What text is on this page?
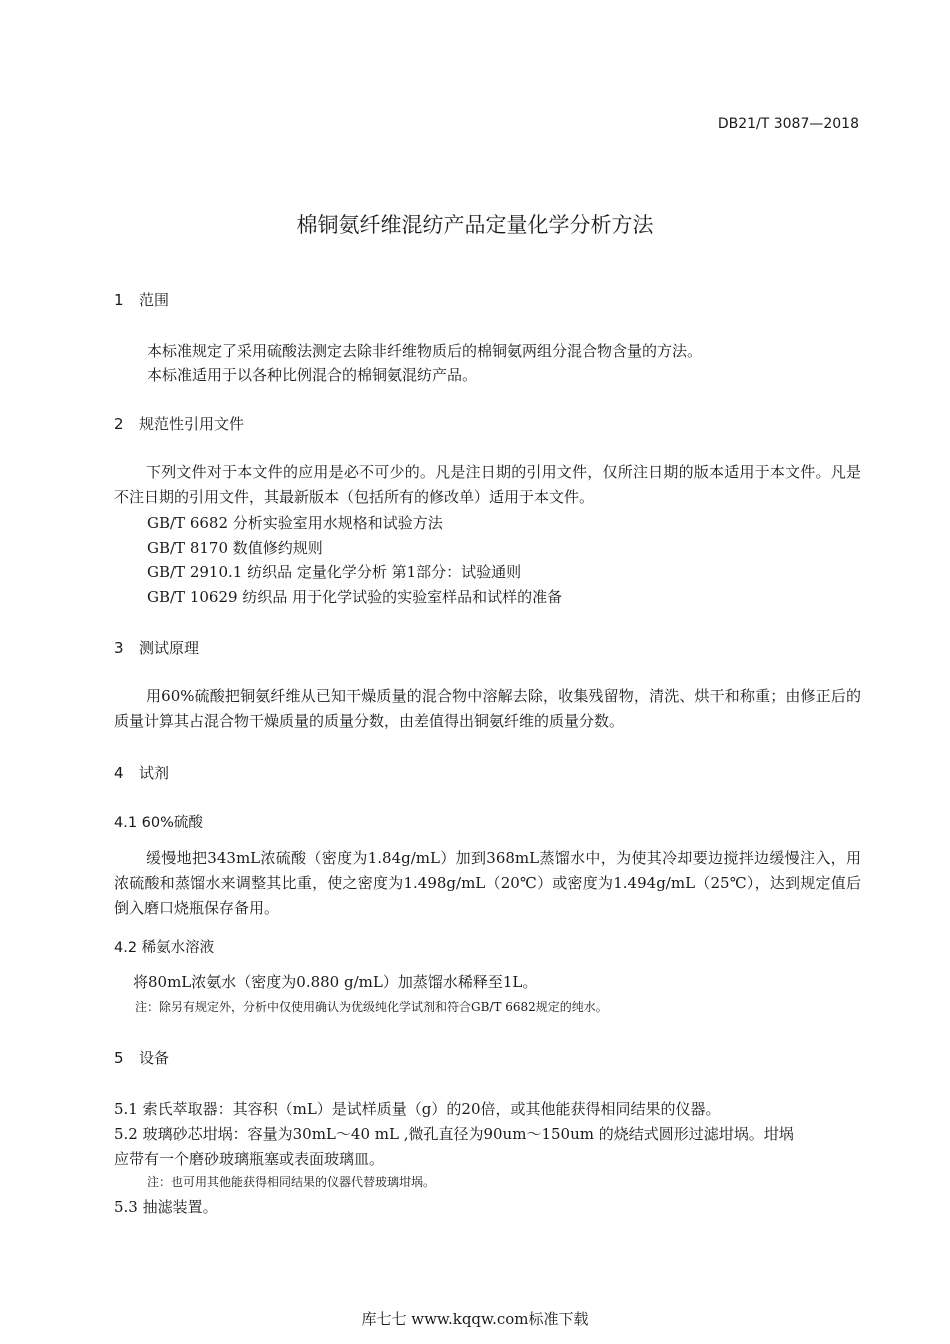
DB21/T 3087—2018
棉铜氨纤维混纺产品定量化学分析方法
1 范围
本标准规定了采用硫酸法测定去除非纤维物质后的棉铜氨两组分混合物含量的方法。
本标准适用于以各种比例混合的棉铜氨混纺产品。
2 规范性引用文件
下列文件对于本文件的应用是必不可少的。凡是注日期的引用文件，仅所注日期的版本适用于本文件。凡是不注日期的引用文件，其最新版本（包括所有的修改单）适用于本文件。
GB/T 6682 分析实验室用水规格和试验方法
GB/T 8170 数值修约规则
GB/T 2910.1 纺织品 定量化学分析 第1部分：试验通则
GB/T 10629 纺织品 用于化学试验的实验室样品和试样的准备
3 测试原理
用60%硫酸把铜氨纤维从已知干燥质量的混合物中溶解去除，收集残留物，清洗、烘干和称重；由修正后的质量计算其占混合物干燥质量的质量分数，由差值得出铜氨纤维的质量分数。
4 试剂
4.1 60%硫酸
缓慢地把343mL浓硫酸（密度为1.84g/mL）加到368mL蒸馏水中，为使其冷却要边搅拌边缓慢注入，用浓硫酸和蒸馏水来调整其比重，使之密度为1.498g/mL（20℃）或密度为1.494g/mL（25℃），达到规定值后倒入磨口烧瓶保存备用。
4.2 稀氨水溶液
将80mL浓氨水（密度为0.880 g/mL）加蒸馏水稀释至1L。
注：除另有规定外，分析中仅使用确认为优级纯化学试剂和符合GB/T 6682规定的纯水。
5 设备
5.1 索氏萃取器：其容积（mL）是试样质量（g）的20倍，或其他能获得相同结果的仪器。
5.2 玻璃砂芯坩埚：容量为30mL～40 mL ,微孔直径为90um～150um 的烧结式圆形过滤坩埚。坩埚
应带有一个磨砂玻璃瓶塞或表面玻璃皿。
注：也可用其他能获得相同结果的仪器代替玻璃坩埚。
5.3 抽滤装置。
库七七 www.kqqw.com标准下载
